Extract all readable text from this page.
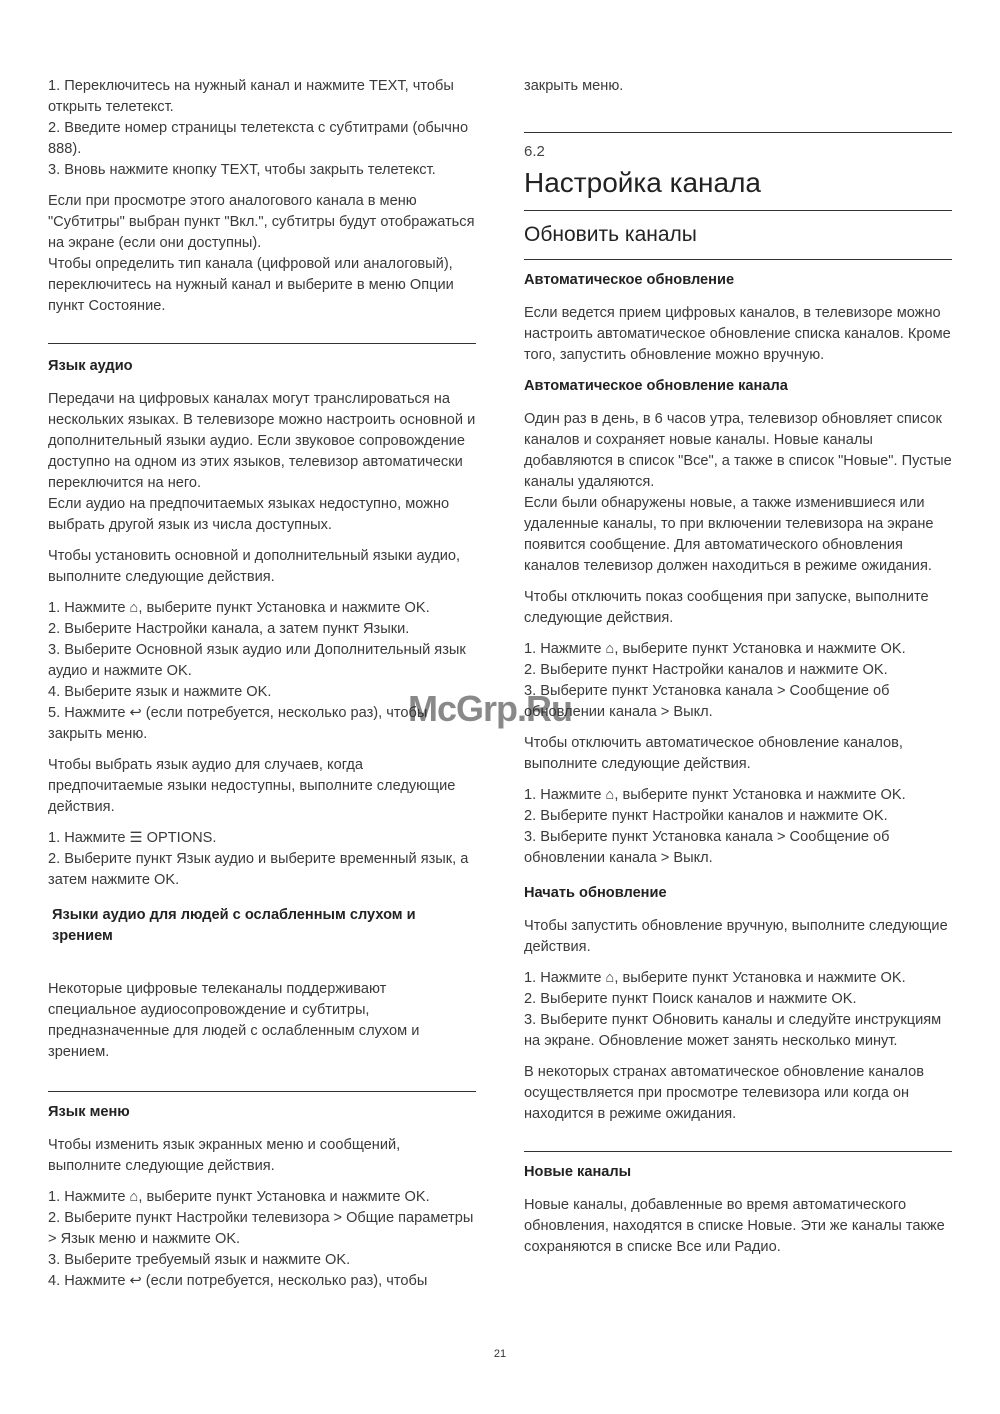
1. Переключитесь на нужный канал и нажмите TEXT, чтобы открыть телетекст.
2. Введите номер страницы телетекста с субтитрами (обычно 888).
3. Вновь нажмите кнопку TEXT, чтобы закрыть телетекст.

Если при просмотре этого аналогового канала в меню "Субтитры" выбран пункт "Вкл.", субтитры будут отображаться на экране (если они доступны).

Чтобы определить тип канала (цифровой или аналоговый), переключитесь на нужный канал и выберите в меню Опции пункт Состояние.

Язык аудио

Передачи на цифровых каналах могут транслироваться на нескольких языках. В телевизоре можно настроить основной и дополнительный языки аудио. Если звуковое сопровождение доступно на одном из этих языков, телевизор автоматически переключится на него.

Если аудио на предпочитаемых языках недоступно, можно выбрать другой язык из числа доступных.

Чтобы установить основной и дополнительный языки аудио, выполните следующие действия.

1. Нажмите ⌂, выберите пункт Установка и нажмите OK.
2. Выберите Настройки канала, а затем пункт Языки.
3. Выберите Основной язык аудио или Дополнительный язык аудио и нажмите OK.
4. Выберите язык и нажмите OK.
5. Нажмите ↩ (если потребуется, несколько раз), чтобы закрыть меню.

Чтобы выбрать язык аудио для случаев, когда предпочитаемые языки недоступны, выполните следующие действия.

1. Нажмите ☰ OPTIONS.
2. Выберите пункт Язык аудио и выберите временный язык, а затем нажмите OK.

Языки аудио для людей с ослабленным слухом и зрением

Некоторые цифровые телеканалы поддерживают специальное аудиосопровождение и субтитры, предназначенные для людей с ослабленным слухом и зрением.

Язык меню

Чтобы изменить язык экранных меню и сообщений, выполните следующие действия.

1. Нажмите ⌂, выберите пункт Установка и нажмите OK.
2. Выберите пункт Настройки телевизора > Общие параметры > Язык меню и нажмите OK.
3. Выберите требуемый язык и нажмите OK.
4. Нажмите ↩ (если потребуется, несколько раз), чтобы

закрыть меню.

6.2
Настройка канала
Обновить каналы
Автоматическое обновление

Если ведется прием цифровых каналов, в телевизоре можно настроить автоматическое обновление списка каналов. Кроме того, запустить обновление можно вручную.

Автоматическое обновление канала

Один раз в день, в 6 часов утра, телевизор обновляет список каналов и сохраняет новые каналы. Новые каналы добавляются в список "Все", а также в список "Новые". Пустые каналы удаляются.

Если были обнаружены новые, а также изменившиеся или удаленные каналы, то при включении телевизора на экране появится сообщение. Для автоматического обновления каналов телевизор должен находиться в режиме ожидания.

Чтобы отключить показ сообщения при запуске, выполните следующие действия.

1. Нажмите ⌂, выберите пункт Установка и нажмите OK.
2. Выберите пункт Настройки каналов и нажмите OK.
3. Выберите пункт Установка канала > Сообщение об обновлении канала > Выкл.

Чтобы отключить автоматическое обновление каналов, выполните следующие действия.

1. Нажмите ⌂, выберите пункт Установка и нажмите OK.
2. Выберите пункт Настройки каналов и нажмите OK.
3. Выберите пункт Установка канала > Сообщение об обновлении канала > Выкл.

Начать обновление

Чтобы запустить обновление вручную, выполните следующие действия.

1. Нажмите ⌂, выберите пункт Установка и нажмите OK.
2. Выберите пункт Поиск каналов и нажмите OK.
3. Выберите пункт Обновить каналы и следуйте инструкциям на экране. Обновление может занять несколько минут.

В некоторых странах автоматическое обновление каналов осуществляется при просмотре телевизора или когда он находится в режиме ожидания.

Новые каналы

Новые каналы, добавленные во время автоматического обновления, находятся в списке Новые. Эти же каналы также сохраняются в списке Все или Радио.

McGrp.Ru
21
